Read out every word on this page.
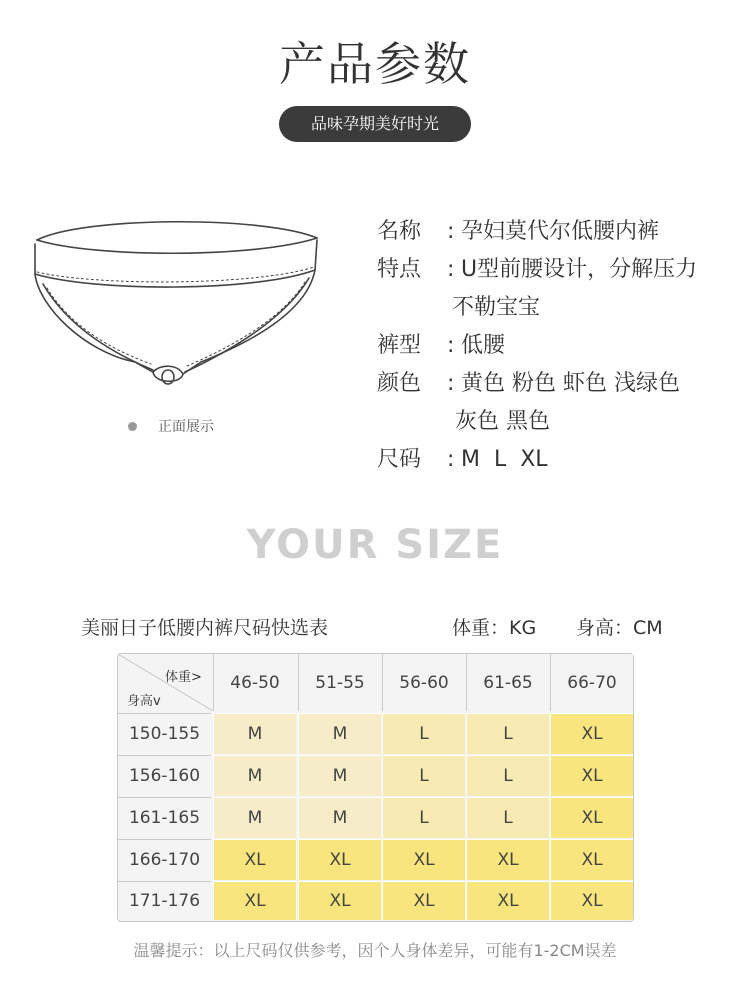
产品参数
品味孕期美好时光
正面展示
名称 : 孕妇莫代尔低腰内裤
特点 : U型前腰设计，分解压力
不勒宝宝
裤型 : 低腰
颜色 : 黄色 粉色 虾色 浅绿色
灰色 黑色
尺码 : M  L  XL
YOUR SIZE
美丽日子低腰内裤尺码快选表	体重：KG 身高：CM
体重>
身高v
46-50	51-55	56-60	61-65	66-70
150-155	M	M	L	L	XL
156-160	M	M	L	L	XL
161-165	M	M	L	L	XL
166-170	XL	XL	XL	XL	XL
171-176	XL	XL	XL	XL	XL
温馨提示：以上尺码仅供参考，因个人身体差异，可能有1-2CM误差
